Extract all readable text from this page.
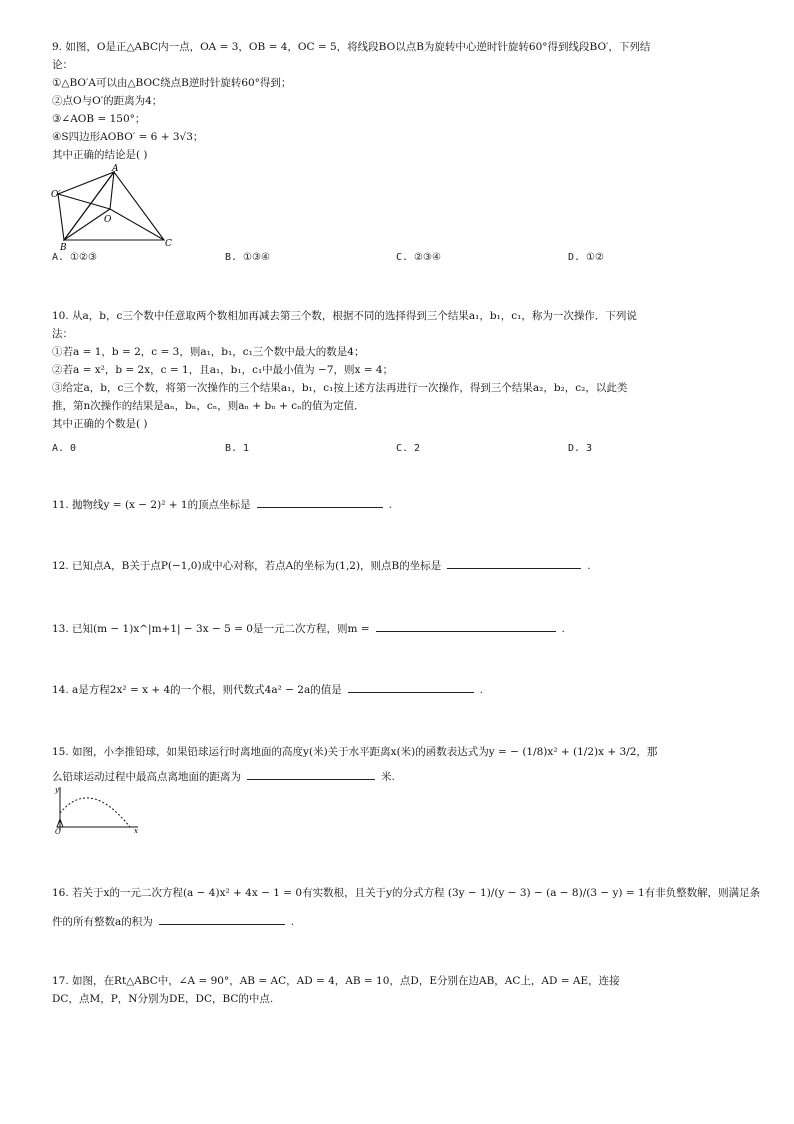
9. 如图，O是正△ABC内一点，OA = 3，OB = 4，OC = 5，将线段BO以点B为旋转中心逆时针旋转60°得到线段BO′，下列结
论：
①△BO′A可以由△BOC绕点B逆时针旋转60°得到；
②点O与O′的距离为4；
③∠AOB = 150°；
④S四边形AOBO′ = 6 + 3√3；
其中正确的结论是( )
A
B	C
O
O′
A. ①②③	B. ①③④	C. ②③④	D. ①②
10. 从a，b，c三个数中任意取两个数相加再减去第三个数，根据不同的选择得到三个结果a₁，b₁，c₁，称为一次操作．下列说
法：
①若a = 1，b = 2，c = 3，则a₁，b₁，c₁三个数中最大的数是4；
②若a = x²，b = 2x，c = 1，且a₁，b₁，c₁中最小值为 −7，则x = 4；
③给定a，b，c三个数，将第一次操作的三个结果a₁，b₁，c₁按上述方法再进行一次操作，得到三个结果a₂，b₂，c₂，以此类
推，第n次操作的结果是aₙ，bₙ，cₙ，则aₙ + bₙ + cₙ的值为定值．
其中正确的个数是( )
A. 0	B. 1	C. 2	D. 3
11. 抛物线y = (x − 2)² + 1的顶点坐标是	.
12. 已知点A，B关于点P(−1,0)成中心对称，若点A的坐标为(1,2)，则点B的坐标是	.
13. 已知(m − 1)x^|m+1| − 3x − 5 = 0是一元二次方程，则m =	.
14. a是方程2x² = x + 4的一个根，则代数式4a² − 2a的值是	.
15. 如图，小李推铅球，如果铅球运行时离地面的高度y(米)关于水平距离x(米)的函数表达式为y = − (1/8)x² + (1/2)x + 3/2，那
么铅球运动过程中最高点离地面的距离为	米.
y
x
O
16. 若关于x的一元二次方程(a − 4)x² + 4x − 1 = 0有实数根，且关于y的分式方程 (3y − 1)/(y − 3) − (a − 8)/(3 − y) = 1有非负整数解，则满足条
件的所有整数a的积为	.
17. 如图，在Rt△ABC中，∠A = 90°，AB = AC，AD = 4，AB = 10，点D，E分别在边AB，AC上，AD = AE，连接
DC，点M，P，N分别为DE，DC，BC的中点.
